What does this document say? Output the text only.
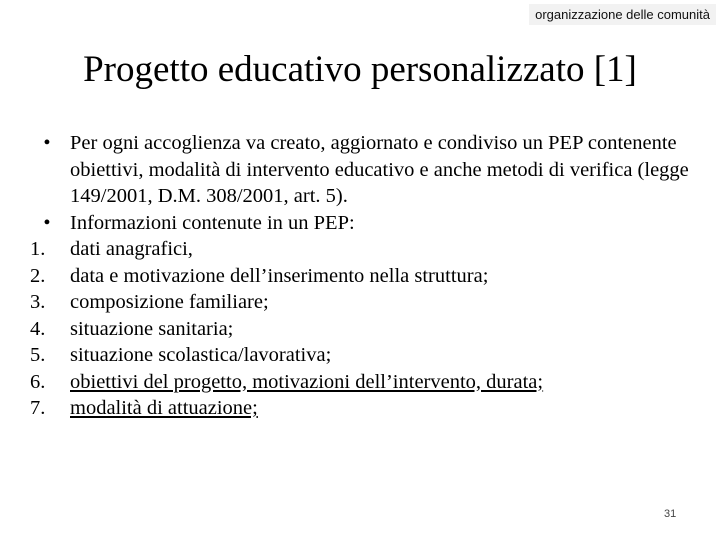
organizzazione delle comunità
Progetto educativo personalizzato [1]
• Per ogni accoglienza va creato, aggiornato e condiviso un PEP contenente obiettivi, modalità di intervento educativo e anche metodi di verifica (legge 149/2001, D.M. 308/2001, art. 5).
• Informazioni contenute in un PEP:
1.	dati anagrafici,
2.	data e motivazione dell’inserimento nella struttura;
3.	composizione familiare;
4.	situazione sanitaria;
5.	situazione scolastica/lavorativa;
6.	obiettivi del progetto, motivazioni dell’intervento, durata;
7.	modalità di attuazione;
31
